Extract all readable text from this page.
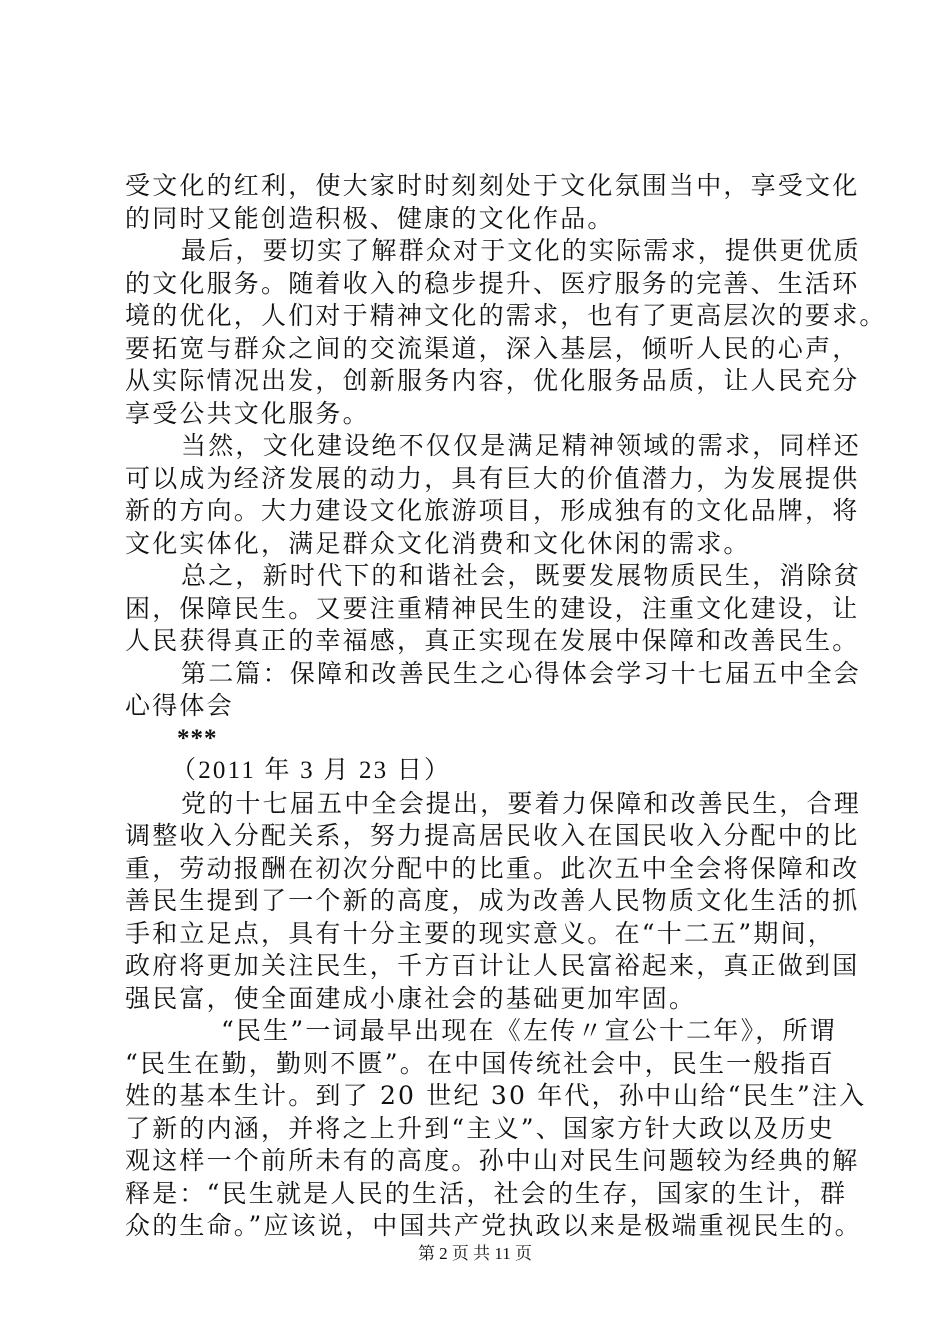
受文化的红利，使大家时时刻刻处于文化氛围当中，享受文化
的同时又能创造积极、健康的文化作品。
最后，要切实了解群众对于文化的实际需求，提供更优质
的文化服务。随着收入的稳步提升、医疗服务的完善、生活环
境的优化，人们对于精神文化的需求，也有了更高层次的要求。
要拓宽与群众之间的交流渠道，深入基层，倾听人民的心声，
从实际情况出发，创新服务内容，优化服务品质，让人民充分
享受公共文化服务。
当然，文化建设绝不仅仅是满足精神领域的需求，同样还
可以成为经济发展的动力，具有巨大的价值潜力，为发展提供
新的方向。大力建设文化旅游项目，形成独有的文化品牌，将
文化实体化，满足群众文化消费和文化休闲的需求。
总之，新时代下的和谐社会，既要发展物质民生，消除贫
困，保障民生。又要注重精神民生的建设，注重文化建设，让
人民获得真正的幸福感，真正实现在发展中保障和改善民生。
第二篇：保障和改善民生之心得体会学习十七届五中全会
心得体会
***
（2011 年 3 月 23 日）
党的十七届五中全会提出，要着力保障和改善民生，合理
调整收入分配关系，努力提高居民收入在国民收入分配中的比
重，劳动报酬在初次分配中的比重。此次五中全会将保障和改
善民生提到了一个新的高度，成为改善人民物质文化生活的抓
手和立足点，具有十分主要的现实意义。在“十二五”期间，
政府将更加关注民生，千方百计让人民富裕起来，真正做到国
强民富，使全面建成小康社会的基础更加牢固。
“民生”一词最早出现在《左传〃宣公十二年》，所谓
“民生在勤，勤则不匮”。在中国传统社会中，民生一般指百
姓的基本生计。到了 20 世纪 30 年代，孙中山给“民生”注入
了新的内涵，并将之上升到“主义”、国家方针大政以及历史
观这样一个前所未有的高度。孙中山对民生问题较为经典的解
释是：“民生就是人民的生活，社会的生存，国家的生计，群
众的生命。”应该说，中国共产党执政以来是极端重视民生的。
第 2 页 共 11 页
